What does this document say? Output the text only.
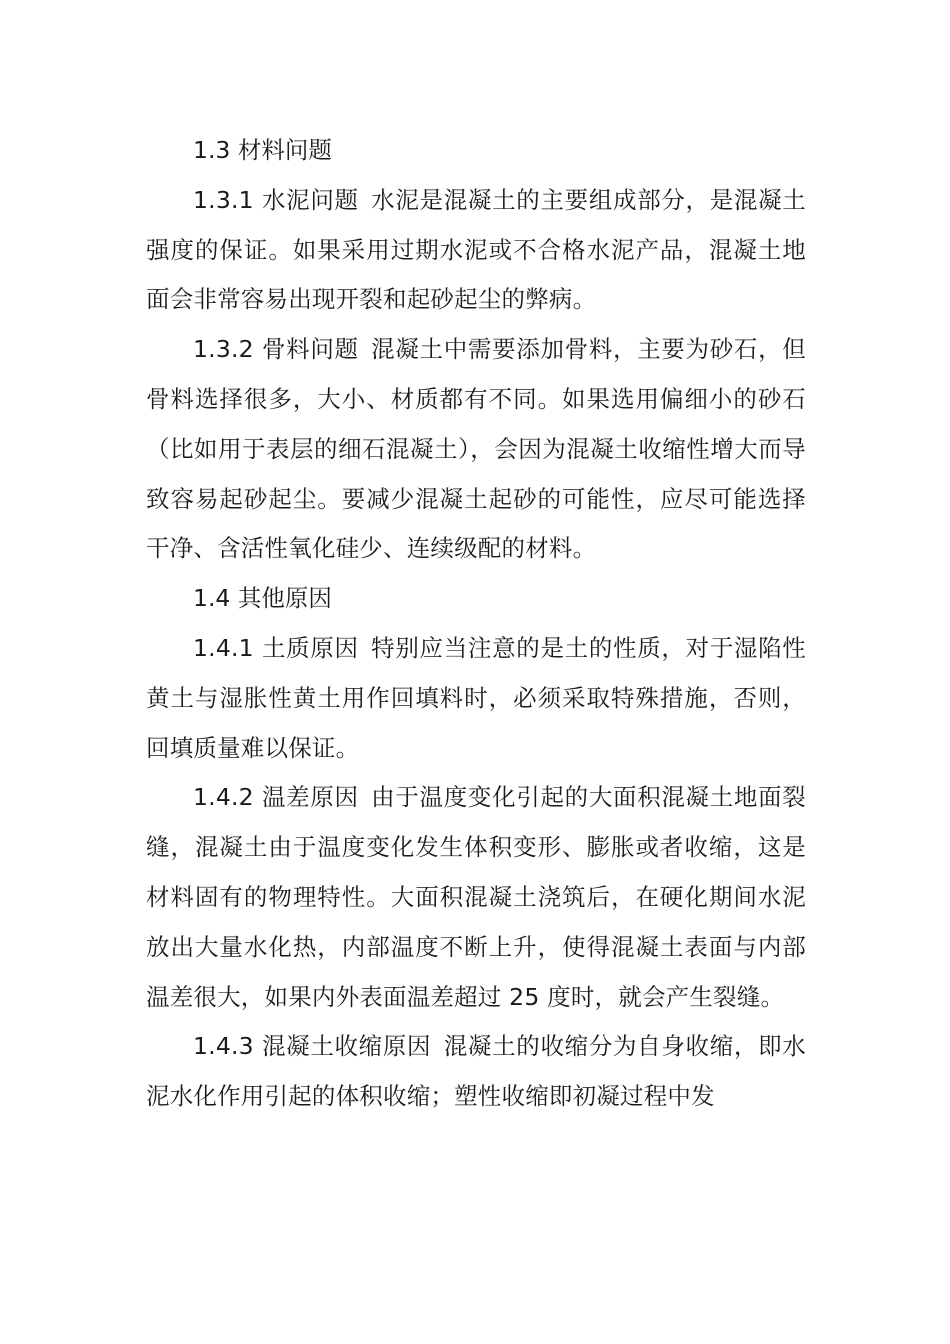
1.3 材料问题

1.3.1 水泥问题 水泥是混凝土的主要组成部分，是混凝土强度的保证。如果采用过期水泥或不合格水泥产品，混凝土地面会非常容易出现开裂和起砂起尘的弊病。

1.3.2 骨料问题 混凝土中需要添加骨料，主要为砂石，但骨料选择很多，大小、材质都有不同。如果选用偏细小的砂石（比如用于表层的细石混凝土），会因为混凝土收缩性增大而导致容易起砂起尘。要减少混凝土起砂的可能性，应尽可能选择干净、含活性氧化硅少、连续级配的材料。

1.4 其他原因

1.4.1 土质原因 特别应当注意的是土的性质，对于湿陷性黄土与湿胀性黄土用作回填料时，必须采取特殊措施，否则，回填质量难以保证。

1.4.2 温差原因 由于温度变化引起的大面积混凝土地面裂缝，混凝土由于温度变化发生体积变形、膨胀或者收缩，这是材料固有的物理特性。大面积混凝土浇筑后，在硬化期间水泥放出大量水化热，内部温度不断上升，使得混凝土表面与内部温差很大，如果内外表面温差超过 25 度时，就会产生裂缝。

1.4.3 混凝土收缩原因 混凝土的收缩分为自身收缩，即水泥水化作用引起的体积收缩；塑性收缩即初凝过程中发
